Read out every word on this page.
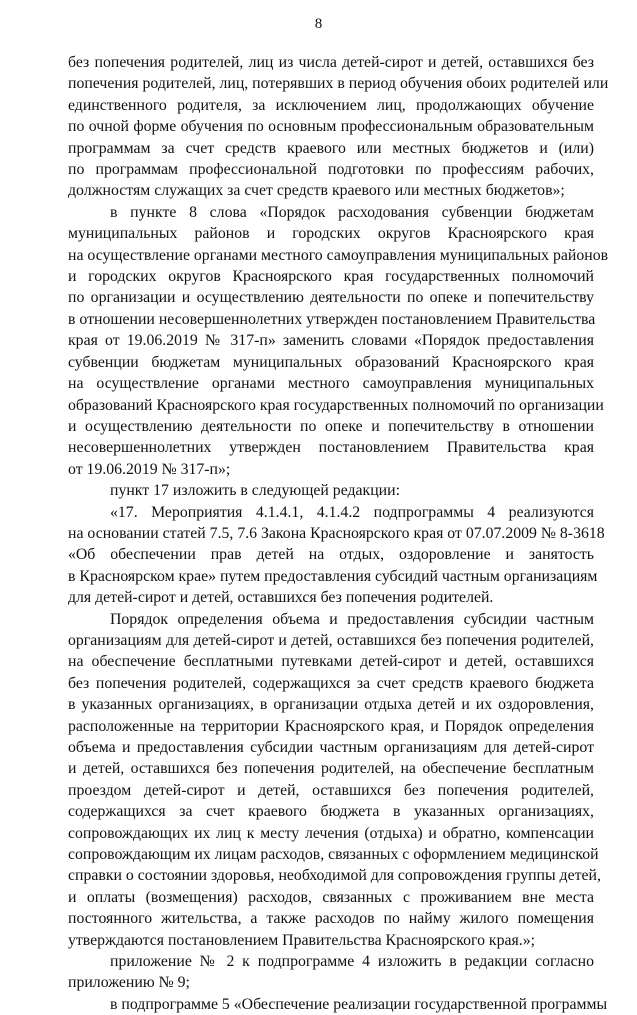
8
без попечения родителей, лиц из числа детей-сирот и детей, оставшихся без
попечения родителей, лиц, потерявших в период обучения обоих родителей или
единственного родителя, за исключением лиц, продолжающих обучение
по очной форме обучения по основным профессиональным образовательным
программам за счет средств краевого или местных бюджетов и (или)
по программам профессиональной подготовки по профессиям рабочих,
должностям служащих за счет средств краевого или местных бюджетов»;
в пункте 8 слова «Порядок расходования субвенции бюджетам
муниципальных районов и городских округов Красноярского края
на осуществление органами местного самоуправления муниципальных районов
и городских округов Красноярского края государственных полномочий
по организации и осуществлению деятельности по опеке и попечительству
в отношении несовершеннолетних утвержден постановлением Правительства
края от 19.06.2019 № 317-п» заменить словами «Порядок предоставления
субвенции бюджетам муниципальных образований Красноярского края
на осуществление органами местного самоуправления муниципальных
образований Красноярского края государственных полномочий по организации
и осуществлению деятельности по опеке и попечительству в отношении
несовершеннолетних утвержден постановлением Правительства края
от 19.06.2019 № 317-п»;
пункт 17 изложить в следующей редакции:
«17. Мероприятия 4.1.4.1, 4.1.4.2 подпрограммы 4 реализуются
на основании статей 7.5, 7.6 Закона Красноярского края от 07.07.2009 № 8-3618
«Об обеспечении прав детей на отдых, оздоровление и занятость
в Красноярском крае» путем предоставления субсидий частным организациям
для детей-сирот и детей, оставшихся без попечения родителей.
Порядок определения объема и предоставления субсидии частным
организациям для детей-сирот и детей, оставшихся без попечения родителей,
на обеспечение бесплатными путевками детей-сирот и детей, оставшихся
без попечения родителей, содержащихся за счет средств краевого бюджета
в указанных организациях, в организации отдыха детей и их оздоровления,
расположенные на территории Красноярского края, и Порядок определения
объема и предоставления субсидии частным организациям для детей-сирот
и детей, оставшихся без попечения родителей, на обеспечение бесплатным
проездом детей-сирот и детей, оставшихся без попечения родителей,
содержащихся за счет краевого бюджета в указанных организациях,
сопровождающих их лиц к месту лечения (отдыха) и обратно, компенсации
сопровождающим их лицам расходов, связанных с оформлением медицинской
справки о состоянии здоровья, необходимой для сопровождения группы детей,
и оплаты (возмещения) расходов, связанных с проживанием вне места
постоянного жительства, а также расходов по найму жилого помещения
утверждаются постановлением Правительства Красноярского края.»;
приложение № 2 к подпрограмме 4 изложить в редакции согласно
приложению № 9;
в подпрограмме 5 «Обеспечение реализации государственной программы
